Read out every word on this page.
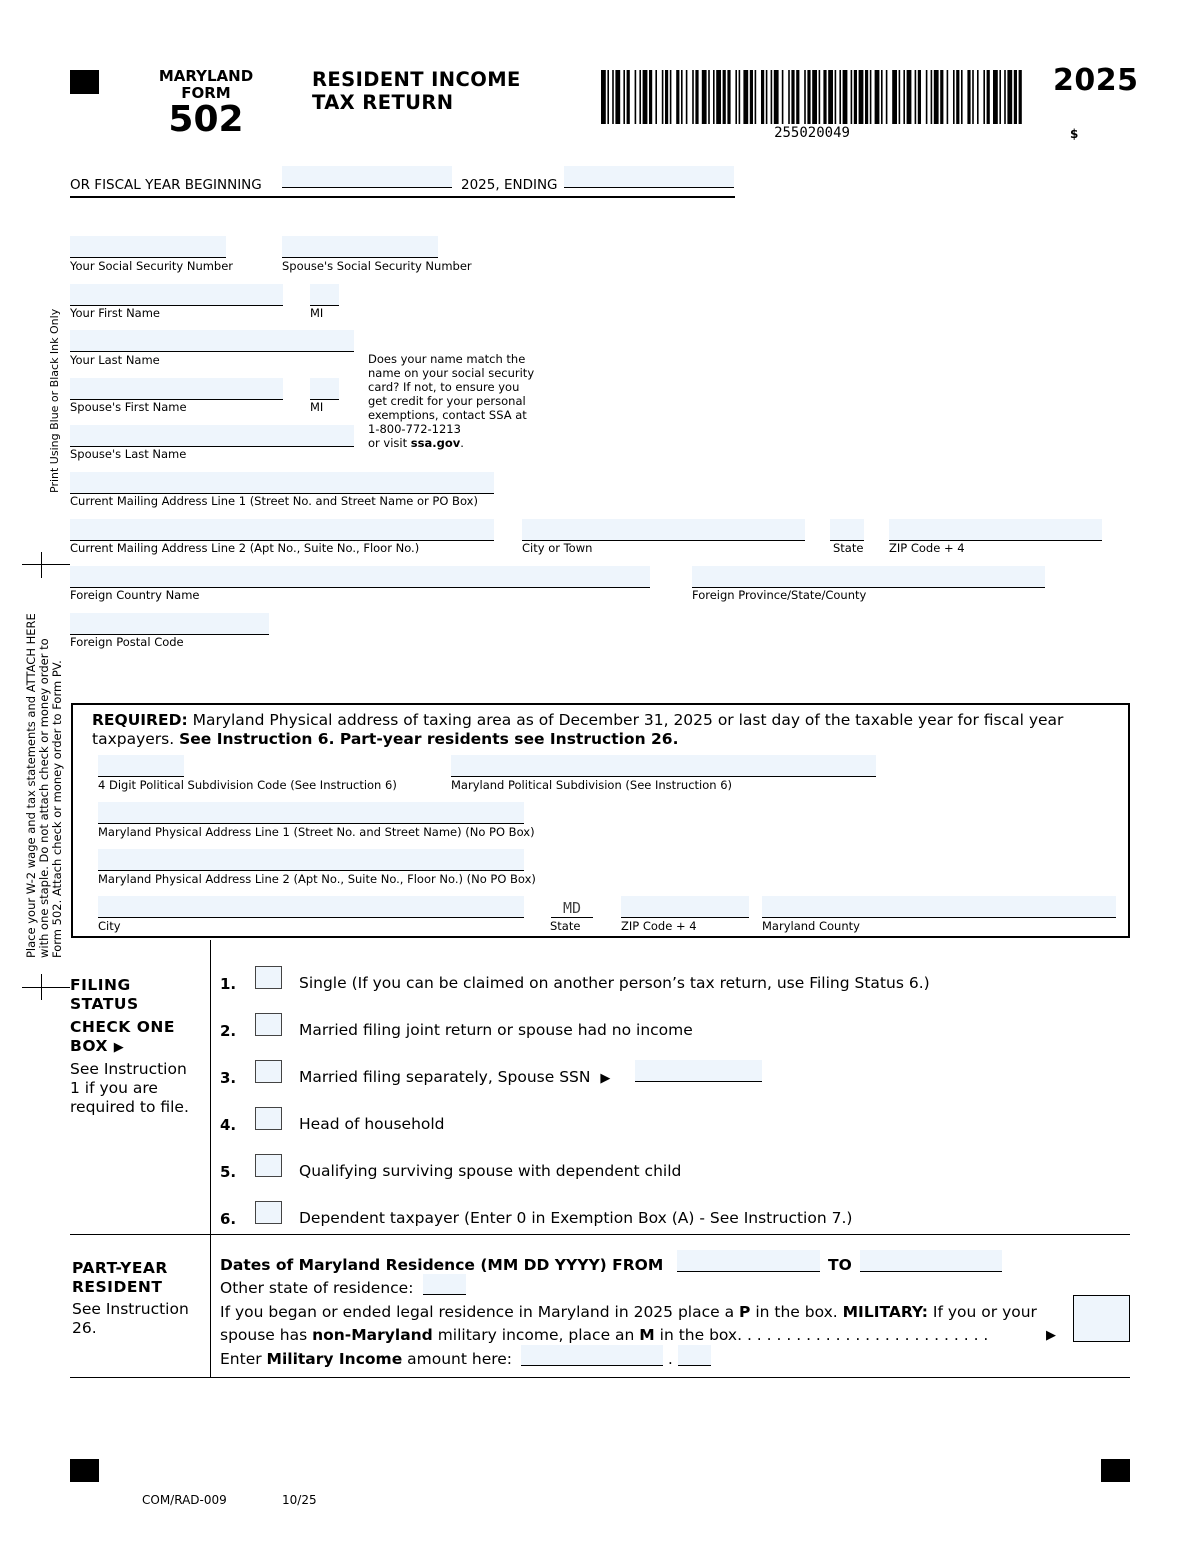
MARYLAND
FORM
502
RESIDENT INCOME
TAX RETURN
255020049
2025
$
OR FISCAL YEAR BEGINNING	2025, ENDING
Print Using Blue or Black Ink Only
Place your W-2 wage and tax statements and ATTACH HERE with one staple. Do not attach check or money order to Form 502. Attach check or money order to Form PV.
Your Social Security Number	Spouse's Social Security Number
Your First Name	MI
Your Last Name
Spouse's First Name	MI
Spouse's Last Name
Does your name match the
name on your social security
card? If not, to ensure you
get credit for your personal
exemptions, contact SSA at
1-800-772-1213
or visit ssa.gov.
Current Mailing Address Line 1 (Street No. and Street Name or PO Box)
Current Mailing Address Line 2 (Apt No., Suite No., Floor No.)	City or Town	State ZIP Code + 4
Foreign Country Name	Foreign Province/State/County
Foreign Postal Code
REQUIRED: Maryland Physical address of taxing area as of December 31, 2025 or last day of the taxable year for fiscal year
taxpayers. See Instruction 6. Part-year residents see Instruction 26.
4 Digit Political Subdivision Code (See Instruction 6)	Maryland Political Subdivision (See Instruction 6)
Maryland Physical Address Line 1 (Street No. and Street Name) (No PO Box)
Maryland Physical Address Line 2 (Apt No., Suite No., Floor No.) (No PO Box)
City
MD
State	ZIP Code + 4	Maryland County
FILING
STATUS
CHECK ONE
BOX ▶
See Instruction
1 if you are
required to file.
1.	Single (If you can be claimed on another person’s tax return, use Filing Status 6.)
2.	Married filing joint return or spouse had no income
3.	Married filing separately, Spouse SSN ▶
4.	Head of household
5.	Qualifying surviving spouse with dependent child
6.	Dependent taxpayer (Enter 0 in Exemption Box (A) - See Instruction 7.)
PART-YEAR
RESIDENT
See Instruction
26.
Dates of Maryland Residence (MM DD YYYY) FROM	TO
Other state of residence:
If you began or ended legal residence in Maryland in 2025 place a P in the box. MILITARY: If you or your
spouse has non-Maryland military income, place an M in the box. . . . . . . . . . . . . . . . . . . . . . . . . .	▶
Enter Military Income amount here:	.
COM/RAD-009	10/25
